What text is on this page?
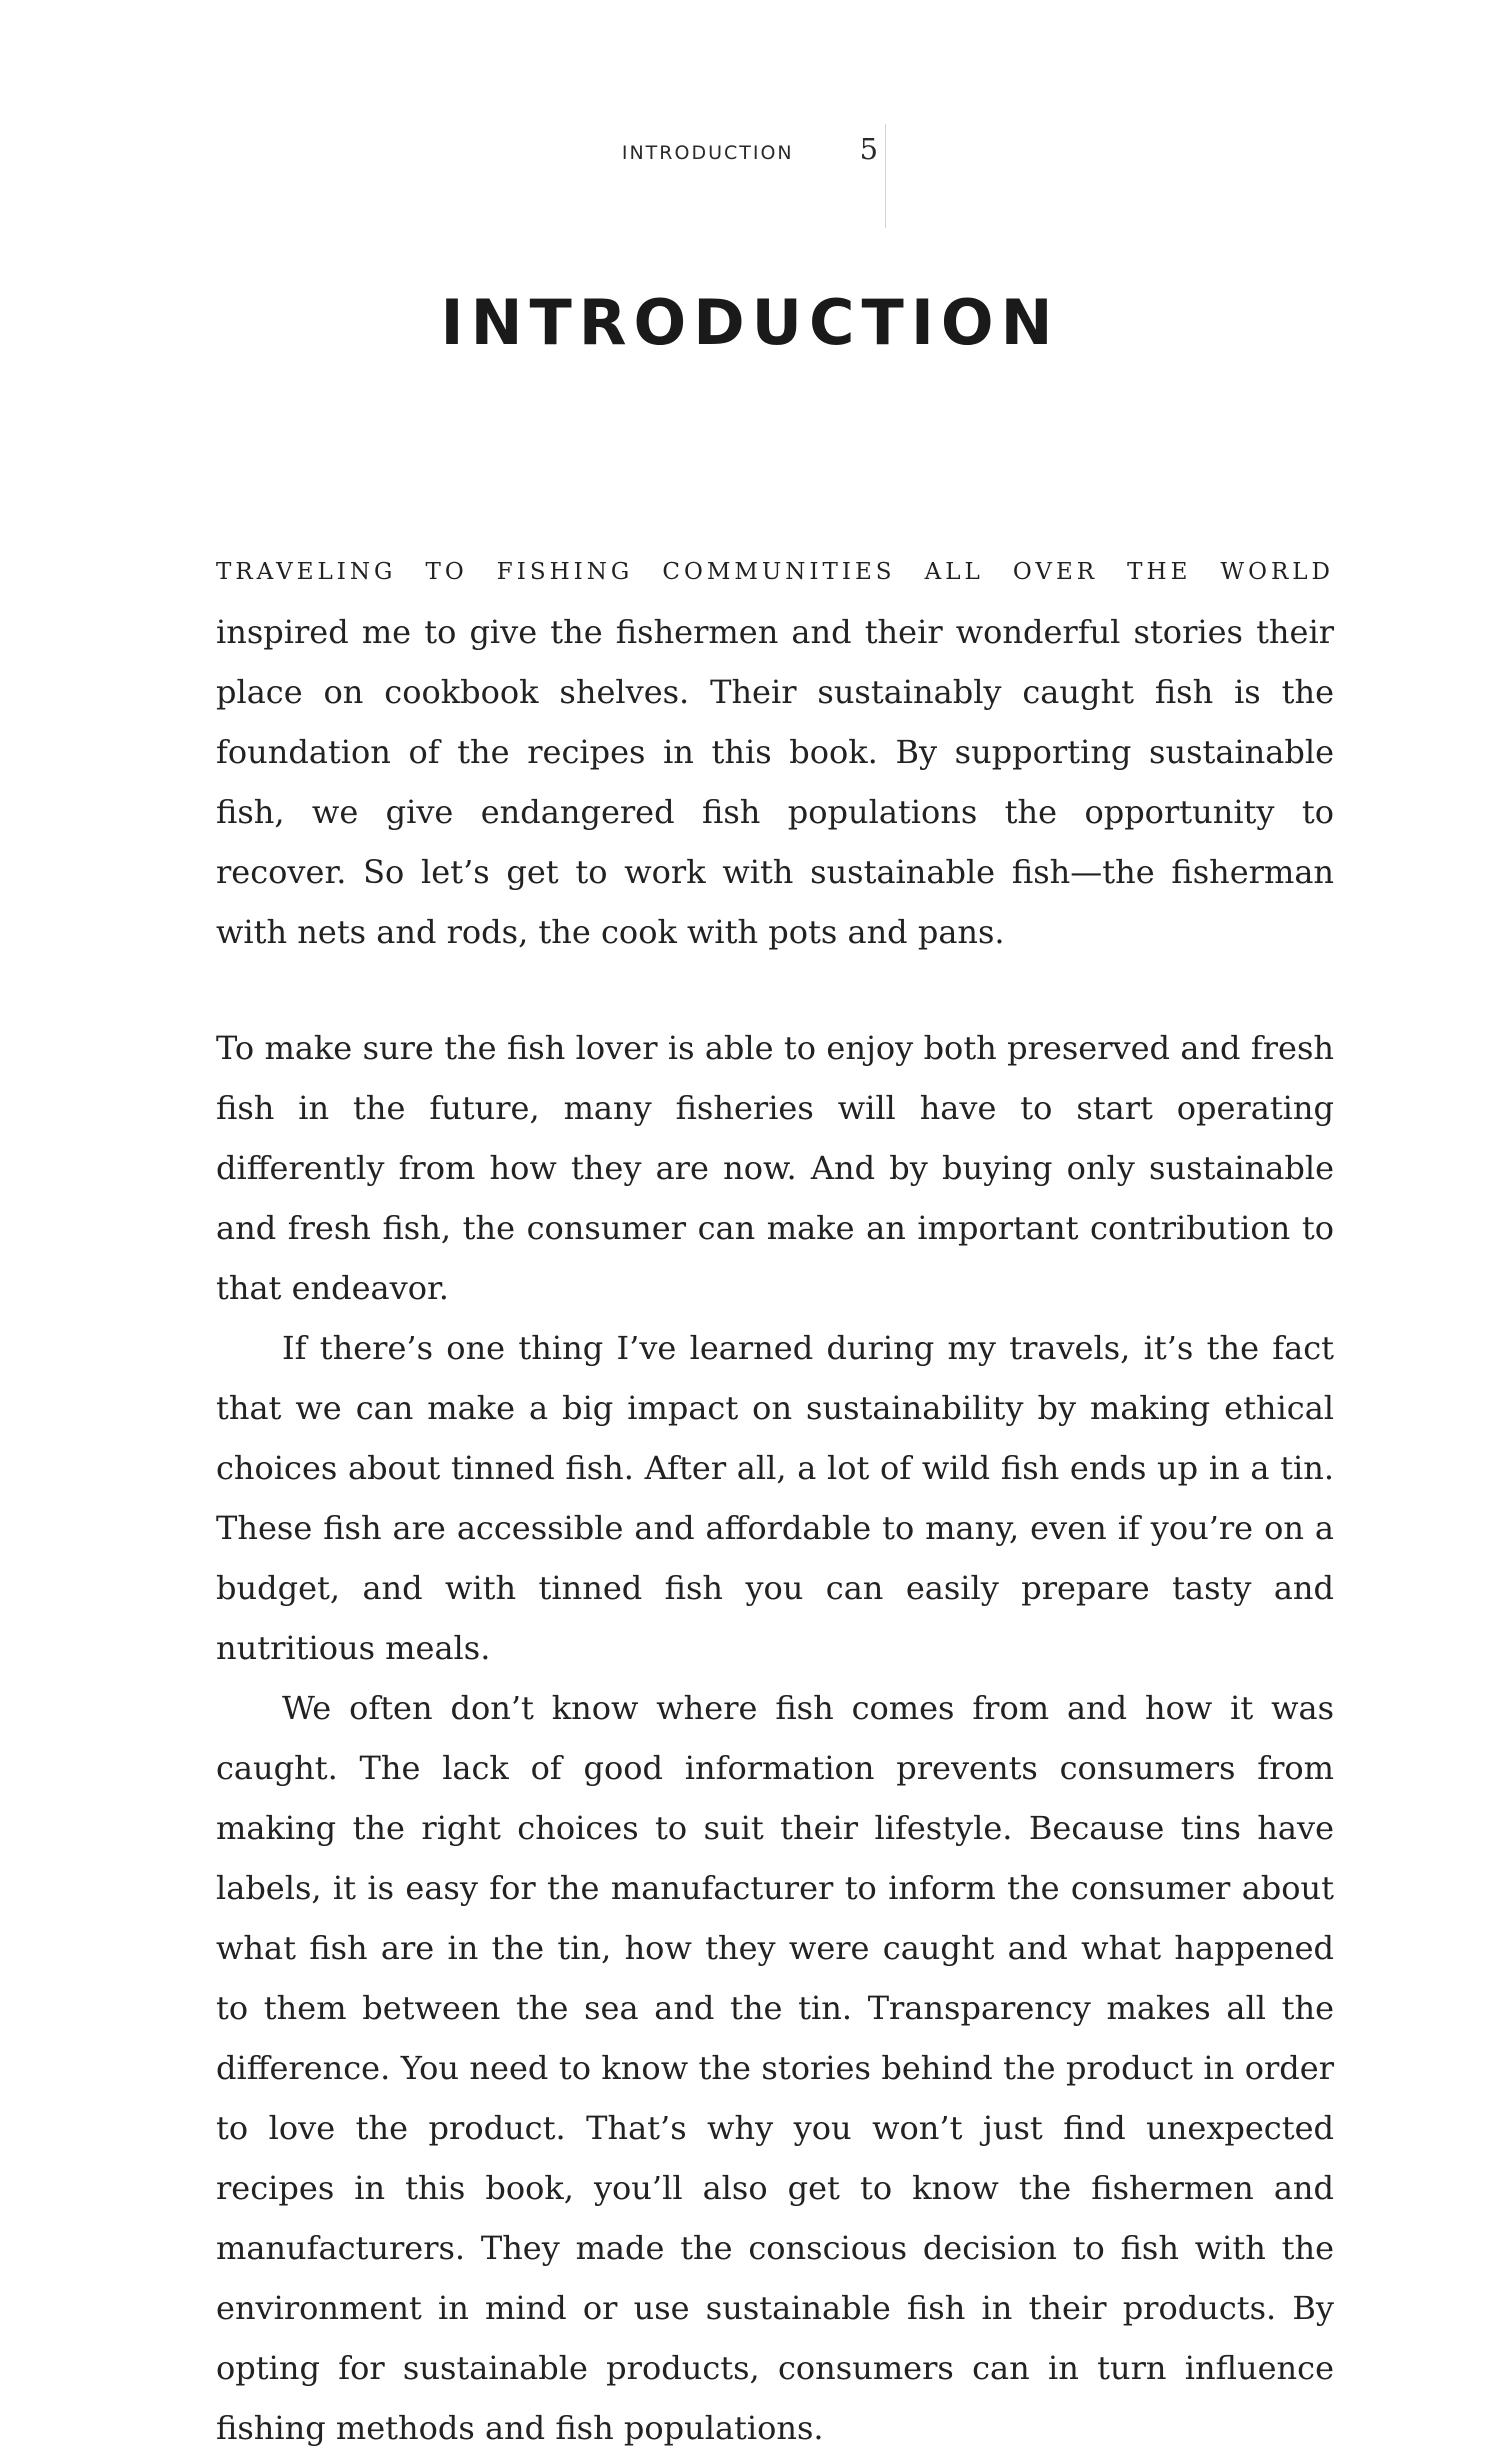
INTRODUCTION 5
INTRODUCTION
TRAVELING TO FISHING COMMUNITIES ALL OVER THE WORLD

inspired me to give the fishermen and their wonderful stories their place on cookbook shelves. Their sustainably caught fish is the foundation of the recipes in this book. By supporting sustainable fish, we give endangered fish populations the opportunity to recover. So let’s get to work with sustainable fish—the fisherman with nets and rods, the cook with pots and pans.

To make sure the fish lover is able to enjoy both preserved and fresh fish in the future, many fisheries will have to start operating differently from how they are now. And by buying only sustainable and fresh fish, the consumer can make an important contribution to that endeavor.

If there’s one thing I’ve learned during my travels, it’s the fact that we can make a big impact on sustainability by making ethical choices about tinned fish. After all, a lot of wild fish ends up in a tin. These fish are accessible and affordable to many, even if you’re on a budget, and with tinned fish you can easily prepare tasty and nutritious meals.

We often don’t know where fish comes from and how it was caught. The lack of good information prevents consumers from making the right choices to suit their lifestyle. Because tins have labels, it is easy for the manufacturer to inform the consumer about what fish are in the tin, how they were caught and what happened to them between the sea and the tin. Transparency makes all the difference. You need to know the stories behind the product in order to love the product. That’s why you won’t just find unexpected recipes in this book, you’ll also get to know the fishermen and manufacturers. They made the conscious decision to fish with the environment in mind or use sustainable fish in their products. By opting for sustainable products, consumers can in turn influence fishing methods and fish populations.
